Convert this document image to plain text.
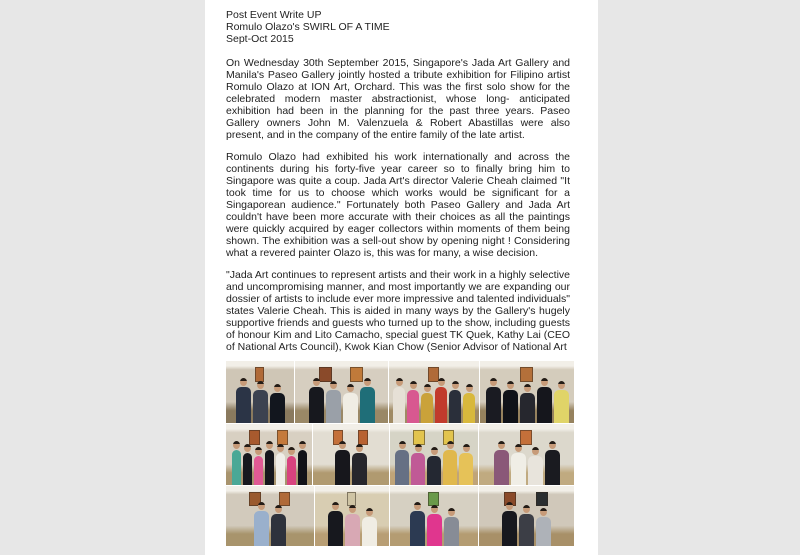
Post Event Write UP
Romulo Olazo's SWIRL OF A TIME
Sept-Oct 2015

On Wednesday 30th September 2015, Singapore's Jada Art Gallery and Manila's Paseo Gallery jointly hosted a tribute exhibition for Filipino artist Romulo Olazo at ION Art, Orchard. This was the first solo show for the celebrated modern master abstractionist, whose long- anticipated exhibition had been in the planning for the past three years. Paseo Gallery owners John M. Valenzuela & Robert Abastillas were also present, and in the company of the entire family of the late artist.

Romulo Olazo had exhibited his work internationally and across the continents during his forty-five year career so to finally bring him to Singapore was quite a coup. Jada Art's director Valerie Cheah claimed "It took time for us to choose which works would be significant for a Singaporean audience." Fortunately both Paseo Gallery and Jada Art couldn't have been more accurate with their choices as all the paintings were quickly acquired by eager collectors within moments of them being shown. The exhibition was a sell-out show by opening night ! Considering what a revered painter Olazo is, this was for many, a wise decision.

"Jada Art continues to represent artists and their work in a highly selective and uncompromising manner, and most importantly we are expanding our dossier of artists to include ever more impressive and talented individuals" states Valerie Cheah. This is aided in many ways by the Gallery's hugely supportive friends and guests who turned up to the show, including guests of honour Kim and Lito Camacho, special guest TK Quek, Kathy Lai (CEO of National Arts Council), Kwok Kian Chow (Senior Advisor of National Art
